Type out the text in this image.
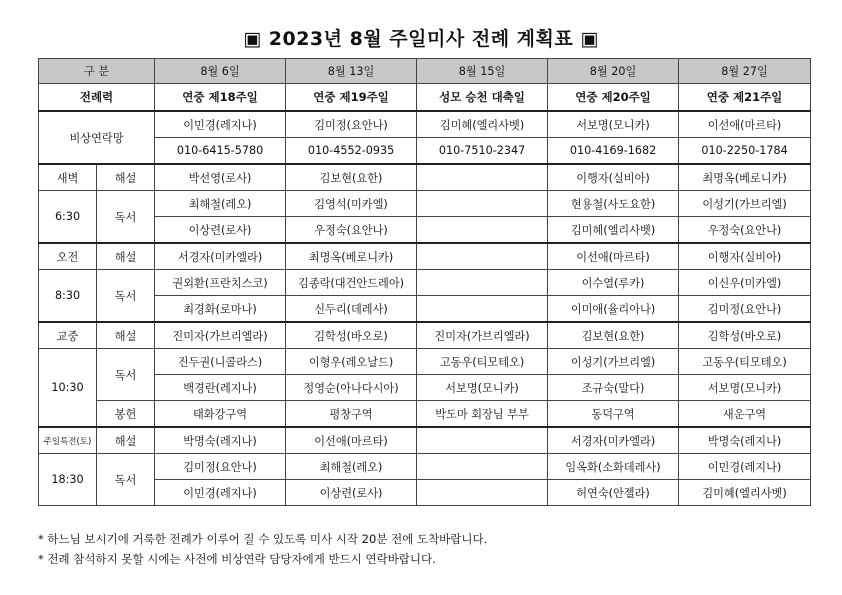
▣ 2023년 8월 주일미사 전례 계획표 ▣
구 분		8월 6일	8월 13일	8월 15일	8월 20일	8월 27일
전례력		연중 제18주일	연중 제19주일	성모 승천 대축일	연중 제20주일	연중 제21주일
비상연락망		이민경(레지나)	김미정(요안나)	김미혜(엘리사벳)	서보명(모니카)	이선애(마르타)
		010-6415-5780	010-4552-0935	010-7510-2347	010-4169-1682	010-2250-1784
새벽	해설	박선영(로사)	김보현(요한)		이행자(실비아)	최명옥(베로니카)
6:30	독서	최해철(레오)	김영석(미카엘)		현용철(사도요한)	이성기(가브리엘)
		이상련(로사)	우정숙(요안나)		김미혜(엘리사벳)	우정숙(요안나)
오전	해설	서경자(미카엘라)	최명옥(베로니카)		이선애(마르타)	이행자(실비아)
8:30	독서	권외환(프란치스코)	김종락(대건안드레아)		이수열(루카)	이신우(미카엘)
		최경화(로마나)	신두리(데레사)		이미애(율리아나)	김미정(요안나)
교중	해설	진미자(가브리엘라)	김학성(바오로)	진미자(가브리엘라)	김보현(요한)	김학성(바오로)
10:30	독서	진두권(니콜라스)	이형우(레오날드)	고동우(티모테오)	이성기(가브리엘)	고동우(티모테오)
		백경란(레지나)	정영순(아나다시아)	서보명(모니카)	조규숙(말다)	서보명(모니카)
	봉헌	태화강구역	평창구역	박도마 회장님 부부	동덕구역	새운구역
주일특전(토)	해설	박명숙(레지나)	이선애(마르타)		서경자(미카엘라)	박명숙(레지나)
18:30	독서	김미정(요안나)	최해철(레오)		임옥화(소화데레사)	이민경(레지나)
		이민경(레지나)	이상련(로사)		허연숙(안젤라)	김미혜(엘리사벳)
* 하느님 보시기에 거룩한 전례가 이루어 질 수 있도록 미사 시작 20분 전에 도착바랍니다.
* 전례 참석하지 못할 시에는 사전에 비상연락 담당자에게 반드시 연락바랍니다.
